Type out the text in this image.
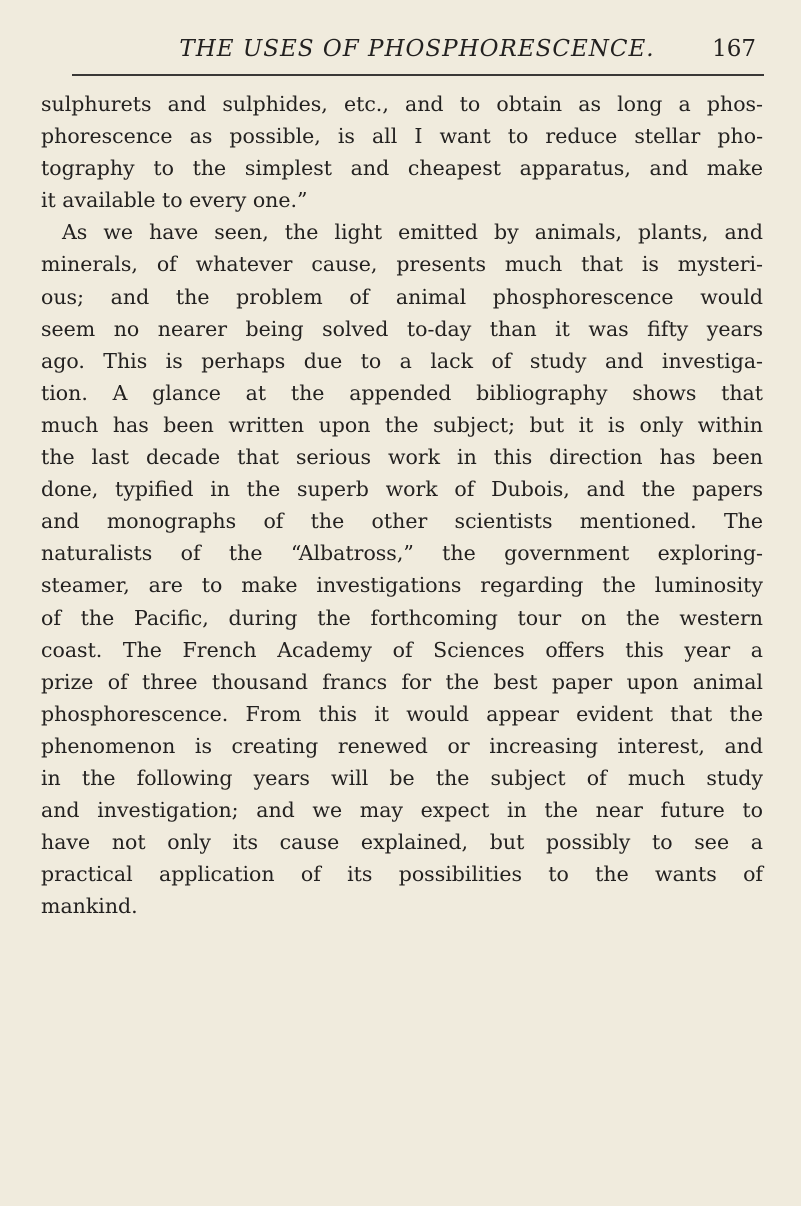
THE USES OF PHOSPHORESCENCE.	167
sulphurets and sulphides, etc., and to obtain as long a phos-
phorescence as possible, is all I want to reduce stellar pho-
tography to the simplest and cheapest apparatus, and make
it available to every one.”
As we have seen, the light emitted by animals, plants, and
minerals, of whatever cause, presents much that is mysteri-
ous; and the problem of animal phosphorescence would
seem no nearer being solved to-day than it was fifty years
ago. This is perhaps due to a lack of study and investiga-
tion. A glance at the appended bibliography shows that
much has been written upon the subject; but it is only within
the last decade that serious work in this direction has been
done, typified in the superb work of Dubois, and the papers
and monographs of the other scientists mentioned. The
naturalists of the “Albatross,” the government exploring-
steamer, are to make investigations regarding the luminosity
of the Pacific, during the forthcoming tour on the western
coast. The French Academy of Sciences offers this year a
prize of three thousand francs for the best paper upon animal
phosphorescence. From this it would appear evident that the
phenomenon is creating renewed or increasing interest, and
in the following years will be the subject of much study
and investigation; and we may expect in the near future to
have not only its cause explained, but possibly to see a
practical application of its possibilities to the wants of
mankind.
